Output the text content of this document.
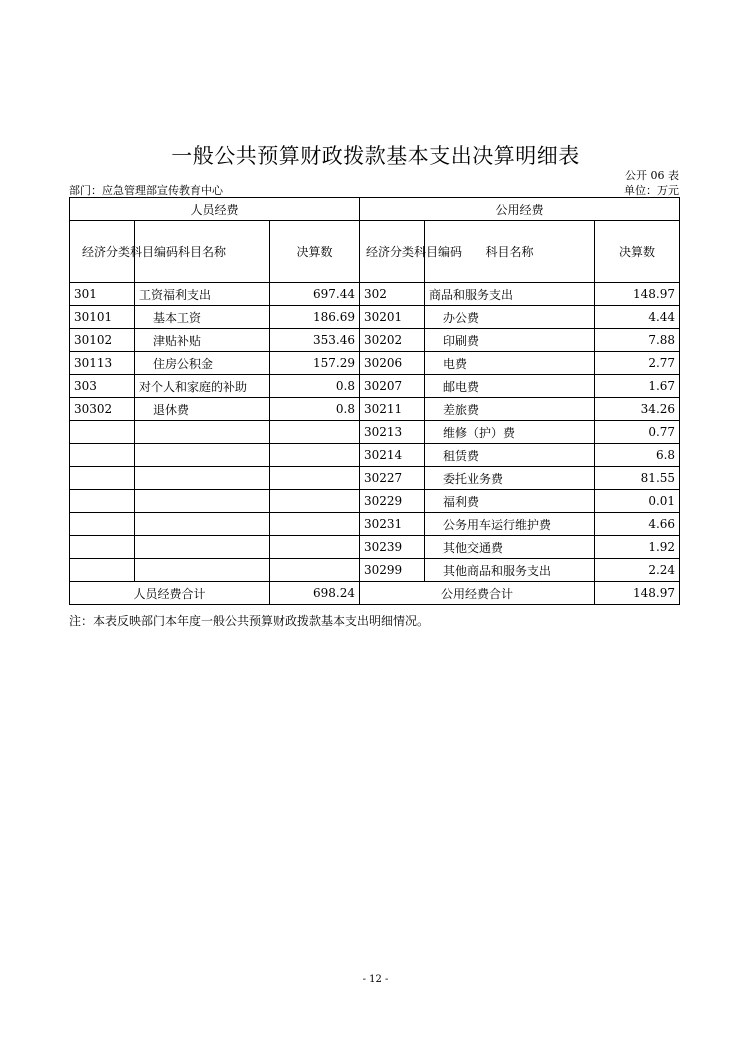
一般公共预算财政拨款基本支出决算明细表
公开 06 表
部门：应急管理部宣传教育中心	单位：万元
人员经费			公用经费		
经济分类科目编码	科目名称	决算数	经济分类科目编码	科目名称	决算数
301	工资福利支出	697.44	302	商品和服务支出	148.97
30101	基本工资	186.69	30201	办公费	4.44
30102	津贴补贴	353.46	30202	印刷费	7.88
30113	住房公积金	157.29	30206	电费	2.77
303	对个人和家庭的补助	0.8	30207	邮电费	1.67
30302	退休费	0.8	30211	差旅费	34.26
			30213	维修（护）费	0.77
			30214	租赁费	6.8
			30227	委托业务费	81.55
			30229	福利费	0.01
			30231	公务用车运行维护费	4.66
			30239	其他交通费	1.92
			30299	其他商品和服务支出	2.24
人员经费合计		698.24	公用经费合计		148.97
注：本表反映部门本年度一般公共预算财政拨款基本支出明细情况。
- 12 -
